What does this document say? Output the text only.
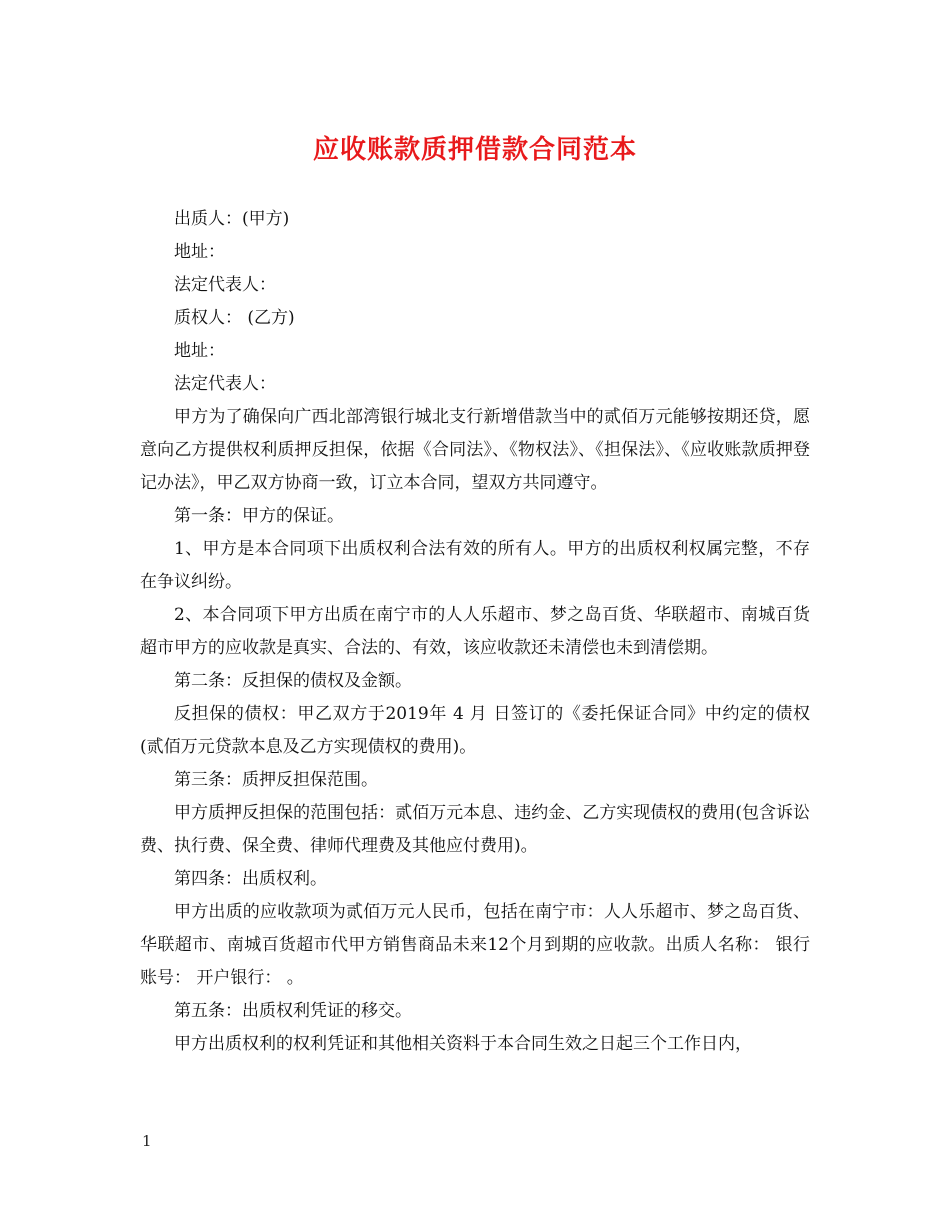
应收账款质押借款合同范本

出质人：(甲方)

地址：

法定代表人：

质权人： (乙方)

地址：

法定代表人：

甲方为了确保向广西北部湾银行城北支行新增借款当中的贰佰万元能够按期还贷，愿意向乙方提供权利质押反担保，依据《合同法》、《物权法》、《担保法》、《应收账款质押登记办法》，甲乙双方协商一致，订立本合同，望双方共同遵守。

第一条：甲方的保证。

1、甲方是本合同项下出质权利合法有效的所有人。甲方的出质权利权属完整，不存在争议纠纷。

2、本合同项下甲方出质在南宁市的人人乐超市、梦之岛百货、华联超市、南城百货超市甲方的应收款是真实、合法的、有效，该应收款还未清偿也未到清偿期。

第二条：反担保的债权及金额。

反担保的债权：甲乙双方于2019年 4 月 日签订的《委托保证合同》中约定的债权(贰佰万元贷款本息及乙方实现债权的费用)。

第三条：质押反担保范围。

甲方质押反担保的范围包括：贰佰万元本息、违约金、乙方实现债权的费用(包含诉讼费、执行费、保全费、律师代理费及其他应付费用)。

第四条：出质权利。

甲方出质的应收款项为贰佰万元人民币，包括在南宁市：人人乐超市、梦之岛百货、华联超市、南城百货超市代甲方销售商品未来12个月到期的应收款。出质人名称： 银行账号： 开户银行： 。

第五条：出质权利凭证的移交。

甲方出质权利的权利凭证和其他相关资料于本合同生效之日起三个工作日内，

1
